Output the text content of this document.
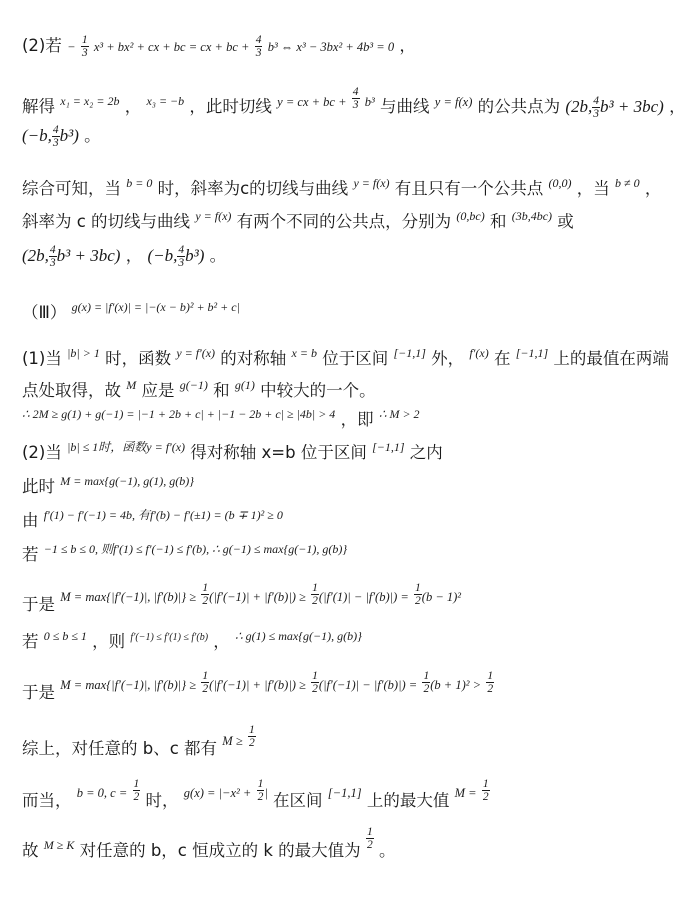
(2)若 − $\frac{1}{3} x^3 + bx^2$ + cx + bc = cx + bc + $\frac{4}{3} b^3$ ⇔ x³ − 3bx² + 4b³ = 0 ，
解得 $^{x_1 = x_2 = 2b}$ ， $^{x_3 = -b}$ ，此时切线 $^{y = cx + bc +} \frac{4}{3} ^{b^3}$ 与曲线 $^{y = f(x)}$ 的公共点为 (2b, $\frac{4}{3} b^3 + 3bc$) ，
(−b, $\frac{4}{3} b^3$) 。
综合可知，当 $^{b = 0}$ 时，斜率为c的切线与曲线 $^{y = f(x)}$ 有且只有一个公共点 $^{(0,0)}$ ，当 $^{b \ne 0}$ ，
斜率为 c 的切线与曲线 $^{y = f(x)}$ 有两个不同的公共点，分别为 $^{(0,bc)}$ 和 $^{(3b,4bc)}$ 或
(2b, $\frac{4}{3} b^3 + 3bc$) ， (−b, $\frac{4}{3} b^3$) 。
（Ⅲ） $^{g(x) = |f'(x)| = |-(x - b)^2 + b^2 + c|}$
(1)当 $^{|b| > 1}$ 时，函数 $^{y = f'(x)}$ 的对称轴 $^{x = b}$ 位于区间 [−1,1] 外， $^{f'(x)}$ 在 [−1,1] 上的最值在两端
点处取得，故 $^M$ 应是 $^{g(-1)}$ 和 $^{g(1)}$ 中较大的一个。
$^{\therefore 2M \ge g(1) + g(-1) = |-1 + 2b + c| + |-1 - 2b + c| \ge |4b| > 4}$ ，即 $^{\therefore M > 2}$
(2)当 $^{|b| \le 1时,函数y = f'(x)}$ 得对称轴 x=b 位于区间 [−1,1] 之内
此时 $^{M = max\{g(-1), g(1), g(b)\}}$
由 $^{f'(1) - f'(-1) = 4b, 有f'(b) - f'(\pm 1) = (b \mp 1)^2 \ge 0}$
若 $^{-1 \le b \le 0, 则f'(1) \le f'(-1) \le f'(b), \therefore g(-1) \le max\{g(-1), g(b)\}}$
于是 $^{M = max\{|f'(-1)|, |f'(b)|\} \ge} \frac{1}{2} ^{(|f'(-1)| + |f'(b)|) \ge} \frac{1}{2} ^{(|f'(1)| - |f'(b)|) =} \frac{1}{2} ^{(b - 1)^2}$
若 $^{0 \le b \le 1}$ ，则 $^{f'(-1) \le f'(1) \le f'(b)}$ ， $^{\therefore g(1) \le max\{g(-1), g(b)\}}$
于是 $^{M = max\{|f'(-1)|, |f'(b)|\} \ge} \frac{1}{2} ^{(|f'(-1)| + |f'(b)|) \ge} \frac{1}{2} ^{(|f'(-1)| - |f'(b)|) =} \frac{1}{2} ^{(b + 1)^2 >} \frac{1}{2}$
综上，对任意的 b、c 都有 $^{M \ge} \frac{1}{2}$
而当， $^{b = 0, c =} \frac{1}{2}$ 时， $^{g(x) = |-x^2 +} \frac{1}{2} ^|$ 在区间 [−1,1] 上的最大值 $^{M =} \frac{1}{2}$
故 $^{M \ge K}$ 对任意的 b，c 恒成立的 k 的最大值为 $\frac{1}{2}$ 。
